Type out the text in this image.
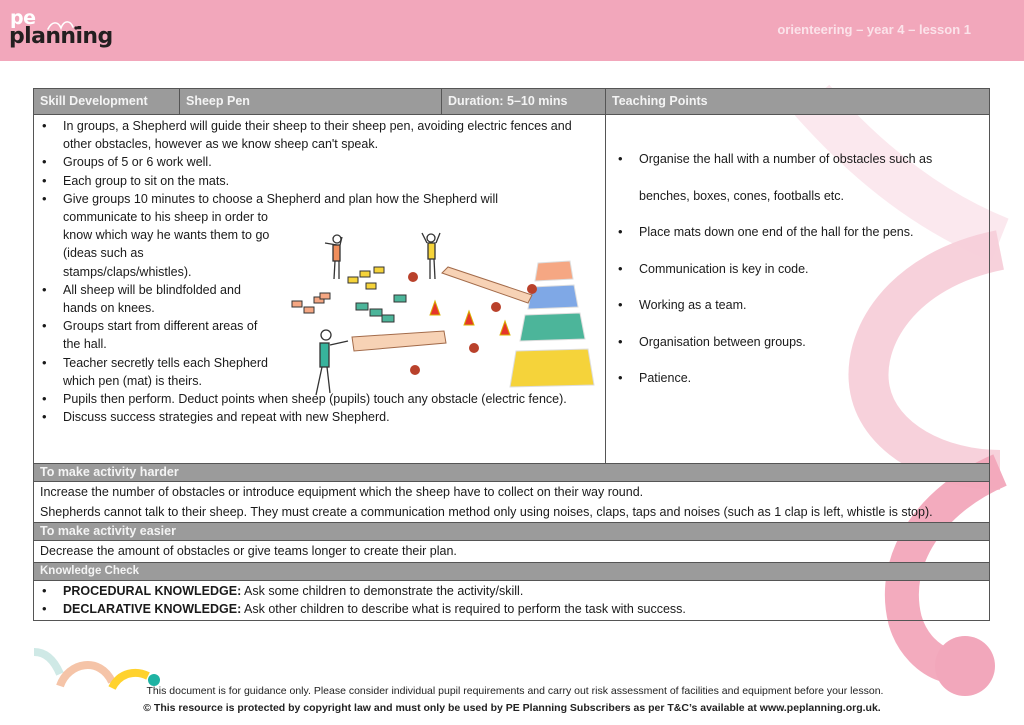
pe
planning	orienteering – year 4 – lesson 1
Skill Development	Sheep Pen	Duration: 5–10 mins	Teaching Points
• In groups, a Shepherd will guide their sheep to their sheep pen, avoiding electric fences and other obstacles, however as we know sheep can't speak.
• Groups of 5 or 6 work well.
• Each group to sit on the mats.
• Give groups 10 minutes to choose a Shepherd and plan how the Shepherd will
communicate to his sheep in order to know which way he wants them to go (ideas such as stamps/claps/whistles).
• All sheep will be blindfolded and hands on knees.
• Groups start from different areas of the hall.
• Teacher secretly tells each Shepherd which pen (mat) is theirs.
• Pupils then perform. Deduct points when sheep (pupils) touch any obstacle (electric fence).
• Discuss success strategies and repeat with new Shepherd.
• Organise the hall with a number of obstacles such as
benches, boxes, cones, footballs etc.
• Place mats down one end of the hall for the pens.
• Communication is key in code.
• Working as a team.
• Organisation between groups.
• Patience.
To make activity harder
Increase the number of obstacles or introduce equipment which the sheep have to collect on their way round.
Shepherds cannot talk to their sheep. They must create a communication method only using noises, claps, taps and noises (such as 1 clap is left, whistle is stop).
To make activity easier
Decrease the amount of obstacles or give teams longer to create their plan.
Knowledge Check
• PROCEDURAL KNOWLEDGE: Ask some children to demonstrate the activity/skill.
• DECLARATIVE KNOWLEDGE: Ask other children to describe what is required to perform the task with success.
This document is for guidance only. Please consider individual pupil requirements and carry out risk assessment of facilities and equipment before your lesson.
© This resource is protected by copyright law and must only be used by PE Planning Subscribers as per T&C’s available at www.peplanning.org.uk.
